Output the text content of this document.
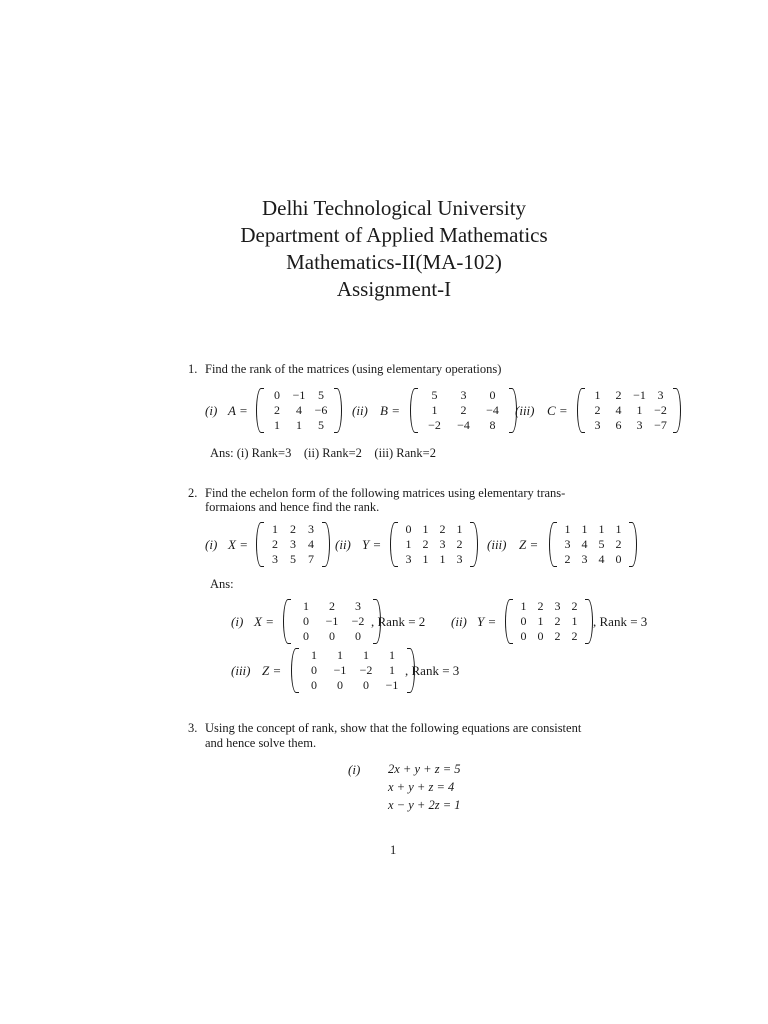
Delhi Technological University
Department of Applied Mathematics
Mathematics-II(MA-102)
Assignment-I
1. Find the rank of the matrices (using elementary operations)
(i) A =
0	−1	5
2	4	−6
1	1	5
(ii) B =
5	3	0
1	2	−4
−2	−4	8
(iii) C =
1	2 −1 3
2	4	1 −2
3	6	3 −7
Ans: (i) Rank=3    (ii) Rank=2    (iii) Rank=2
2. Find the echelon form of the following matrices using elementary trans-
formaions and hence find the rank.
(i) X =
1	2	3
2	3	4
3	5	7
(ii) Y =
0 1 2 1
1 2 3 2
3 1 1 3
(iii) Z =
1 1 1 1
3 4 5 2
2 3 4 0
Ans:
(i) X =
1	2	3
0	−1	−2
0	0	0
, Rank = 2 (ii) Y =
1 2 3 2
0 1 2 1
0 0 2 2
, Rank = 3
(iii) Z =
1	1	1	1
0	−1	−2	1
0	0	0	−1
, Rank = 3
3. Using the concept of rank, show that the following equations are consistent
and hence solve them.
(i) 2x + y + z = 5
x + y + z = 4
x − y + 2z = 1
1
